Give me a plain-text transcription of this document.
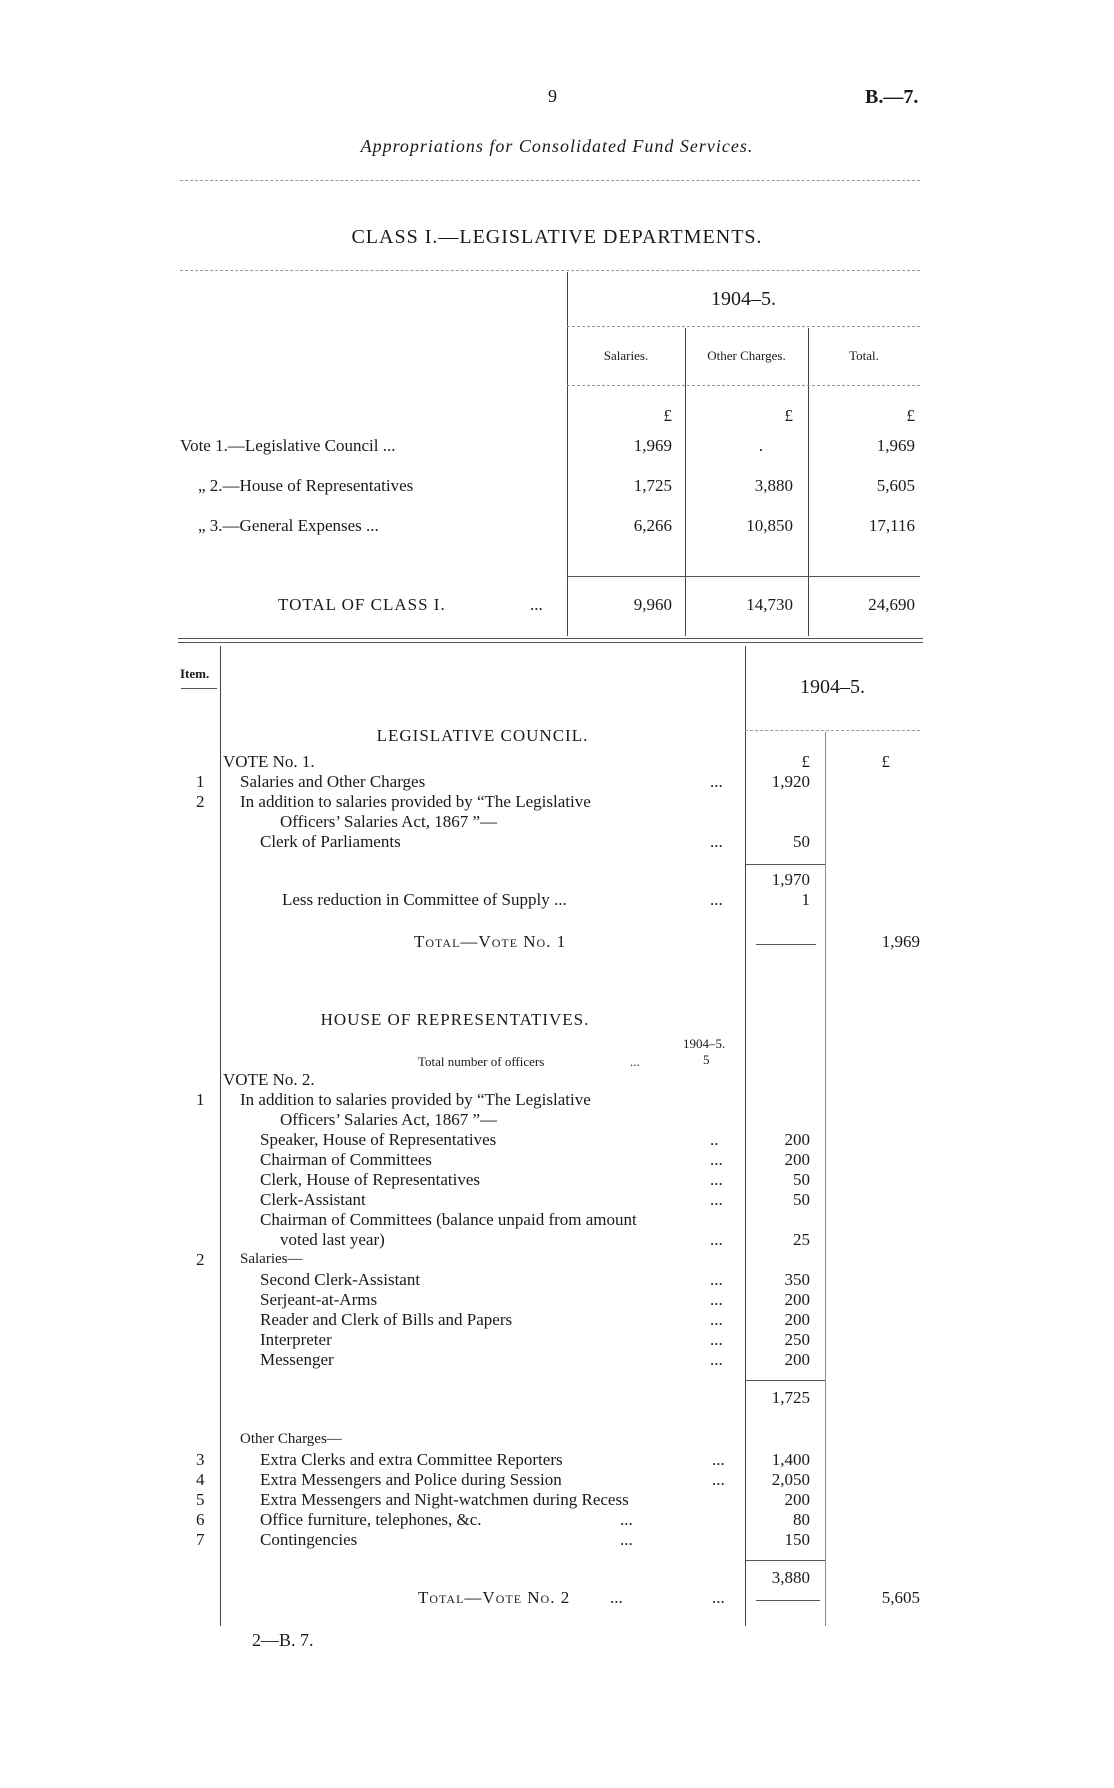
9	B.—7.
Appropriations for Consolidated Fund Services.
CLASS I.—LEGISLATIVE DEPARTMENTS.
1904–5.
Salaries.	Other Charges.	Total.
£	£	£
Vote 1.—Legislative Council ...	1,969	.	1,969
„ 2.—House of Representatives	1,725	3,880	5,605
„ 3.—General Expenses ...	6,266	10,850	17,116
TOTAL OF CLASS I.	...	9,960	14,730	24,690
Item.
1904–5.
LEGISLATIVE COUNCIL.
VOTE No. 1.	£	£
1 Salaries and Other Charges	...	1,920
2 In addition to salaries provided by “The Legislative
Officers’ Salaries Act, 1867 ”—
Clerk of Parliaments	...	50
1,970
Less reduction in Committee of Supply ...	...	1
Total—Vote No. 1	1,969
HOUSE OF REPRESENTATIVES.
1904–5.
Total number of officers	...	5
VOTE No. 2.
1 In addition to salaries provided by “The Legislative
Officers’ Salaries Act, 1867 ”—
Speaker, House of Representatives	..	200
Chairman of Committees	...	200
Clerk, House of Representatives	...	50
Clerk-Assistant	...	50
Chairman of Committees (balance unpaid from amount
voted last year)	...	25
2 Salaries—
Second Clerk-Assistant	...	350
Serjeant-at-Arms	...	200
Reader and Clerk of Bills and Papers	...	200
Interpreter	...	250
Messenger	...	200
1,725
Other Charges—
3	Extra Clerks and extra Committee Reporters	...	1,400
4	Extra Messengers and Police during Session	...	2,050
5	Extra Messengers and Night-watchmen during Recess	200
6	Office furniture, telephones, &c.	...	80
7	Contingencies	...	150
3,880
Total—Vote No. 2 ...	...	5,605
2—B. 7.
